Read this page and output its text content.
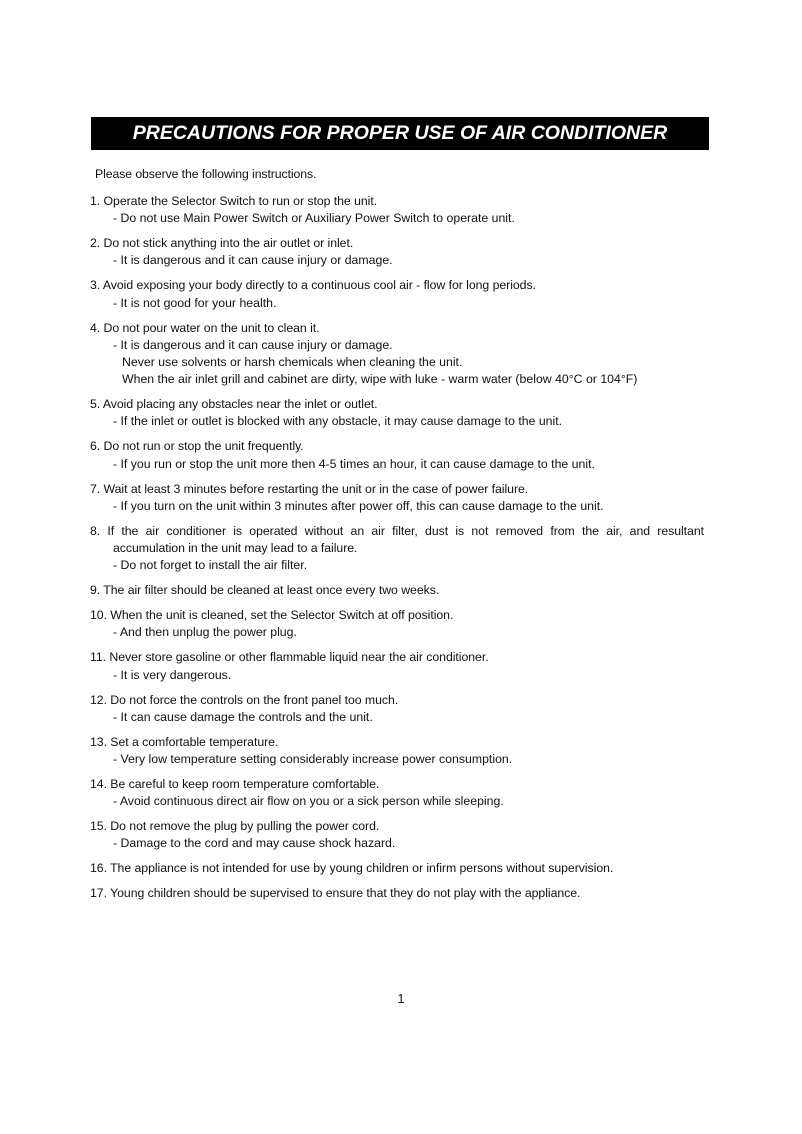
PRECAUTIONS FOR PROPER USE OF AIR CONDITIONER
Please observe the following instructions.
1. Operate the Selector Switch to run or stop the unit.
- Do not use Main Power Switch or Auxiliary Power Switch to operate unit.
2. Do not stick anything into the air outlet or inlet.
- It is dangerous and it can cause injury or damage.
3. Avoid exposing your body directly to a continuous cool air - flow for long periods.
- It is not good for your health.
4. Do not pour water on the unit to clean it.
- It is dangerous and it can cause injury or damage.
Never use solvents or harsh chemicals when cleaning the unit.
When the air inlet grill and cabinet are dirty, wipe with luke - warm water (below 40°C or 104°F)
5. Avoid placing any obstacles near the inlet or outlet.
- If the inlet or outlet is blocked with any obstacle, it may cause damage to the unit.
6. Do not run or stop the unit frequently.
- If you run or stop the unit more then 4-5 times an hour, it can cause damage to the unit.
7. Wait at least 3 minutes before restarting the unit or in the case of power failure.
- If you turn on the unit within 3 minutes after power off, this can cause damage to the unit.
8. If the air conditioner is operated without an air filter, dust is not removed from the air, and resultant accumulation in the unit may lead to a failure.
- Do not forget to install the air filter.
9. The air filter should be cleaned at least once every two weeks.
10. When the unit is cleaned, set the Selector Switch at off position.
- And then unplug the power plug.
11. Never store gasoline or other flammable liquid near the air conditioner.
- It is very dangerous.
12. Do not force the controls on the front panel too much.
- It can cause damage the controls and the unit.
13. Set a comfortable temperature.
- Very low temperature setting considerably increase power consumption.
14. Be careful to keep room temperature comfortable.
- Avoid continuous direct air flow on you or a sick person while sleeping.
15. Do not remove the plug by pulling the power cord.
- Damage to the cord and may cause shock hazard.
16. The appliance is not intended for use by young children or infirm persons without supervision.
17. Young children should be supervised to ensure that they do not play with the appliance.
1
